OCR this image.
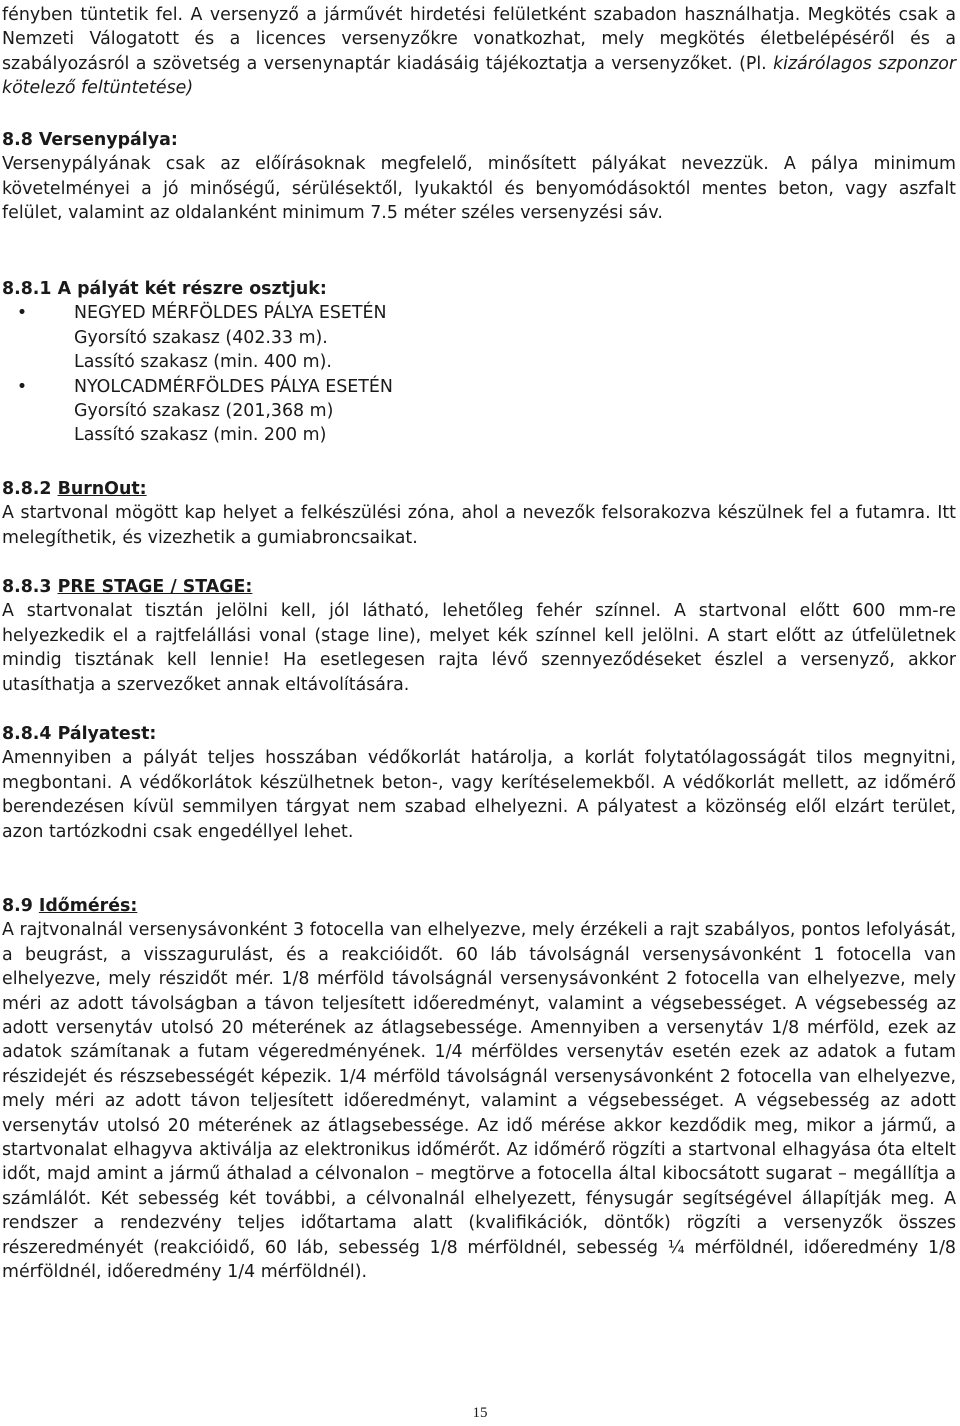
fényben tüntetik fel. A versenyző a járművét hirdetési felületként szabadon használhatja. Megkötés csak a Nemzeti Válogatott és a licences versenyzőkre vonatkozhat, mely megkötés életbelépéséről és a szabályozásról a szövetség a versenynaptár kiadásáig tájékoztatja a versenyzőket. (Pl. kizárólagos szponzor kötelező feltüntetése)

8.8 Versenypálya:

Versenypályának csak az előírásoknak megfelelő, minősített pályákat nevezzük. A pálya minimum követelményei a jó minőségű, sérülésektől, lyukaktól és benyomódásoktól mentes beton, vagy aszfalt felület, valamint az oldalanként minimum 7.5 méter széles versenyzési sáv.

8.8.1 A pályát két részre osztjuk:

•	NEGYED MÉRFÖLDES PÁLYA ESETÉN
Gyorsító szakasz (402.33 m).
Lassító szakasz (min. 400 m).
•	NYOLCADMÉRFÖLDES PÁLYA ESETÉN
Gyorsító szakasz (201,368 m)
Lassító szakasz (min. 200 m)

8.8.2 BurnOut:

A startvonal mögött kap helyet a felkészülési zóna, ahol a nevezők felsorakozva készülnek fel a futamra. Itt melegíthetik, és vizezhetik a gumiabroncsaikat.

8.8.3 PRE STAGE / STAGE:

A startvonalat tisztán jelölni kell, jól látható, lehetőleg fehér színnel. A startvonal előtt 600 mm-re helyezkedik el a rajtfelállási vonal (stage line), melyet kék színnel kell jelölni. A start előtt az útfelületnek mindig tisztának kell lennie! Ha esetlegesen rajta lévő szennyeződéseket észlel a versenyző, akkor utasíthatja a szervezőket annak eltávolítására.

8.8.4 Pályatest:

Amennyiben a pályát teljes hosszában védőkorlát határolja, a korlát folytatólagosságát tilos megnyitni, megbontani. A védőkorlátok készülhetnek beton-, vagy kerítéselemekből. A védőkorlát mellett, az időmérő berendezésen kívül semmilyen tárgyat nem szabad elhelyezni. A pályatest a közönség elől elzárt terület, azon tartózkodni csak engedéllyel lehet.

8.9 Időmérés:

A rajtvonalnál versenysávonként 3 fotocella van elhelyezve, mely érzékeli a rajt szabályos, pontos lefolyását, a beugrást, a visszagurulást, és a reakcióidőt. 60 láb távolságnál versenysávonként 1 fotocella van elhelyezve, mely részidőt mér. 1/8 mérföld távolságnál versenysávonként 2 fotocella van elhelyezve, mely méri az adott távolságban a távon teljesített időeredményt, valamint a végsebességet. A végsebesség az adott versenytáv utolsó 20 méterének az átlagsebessége. Amennyiben a versenytáv 1/8 mérföld, ezek az adatok számítanak a futam végeredményének. 1/4 mérföldes versenytáv esetén ezek az adatok a futam részidejét és részsebességét képezik. 1/4 mérföld távolságnál versenysávonként 2 fotocella van elhelyezve, mely méri az adott távon teljesített időeredményt, valamint a végsebességet. A végsebesség az adott versenytáv utolsó 20 méterének az átlagsebessége. Az idő mérése akkor kezdődik meg, mikor a jármű, a startvonalat elhagyva aktiválja az elektronikus időmérőt. Az időmérő rögzíti a startvonal elhagyása óta eltelt időt, majd amint a jármű áthalad a célvonalon – megtörve a fotocella által kibocsátott sugarat – megállítja a számlálót. Két sebesség két további, a célvonalnál elhelyezett, fénysugár segítségével állapítják meg. A rendszer a rendezvény teljes időtartama alatt (kvalifikációk, döntők) rögzíti a versenyzők összes részeredményét (reakcióidő, 60 láb, sebesség 1/8 mérföldnél, sebesség ¼ mérföldnél, időeredmény 1/8 mérföldnél, időeredmény 1/4 mérföldnél).

15
